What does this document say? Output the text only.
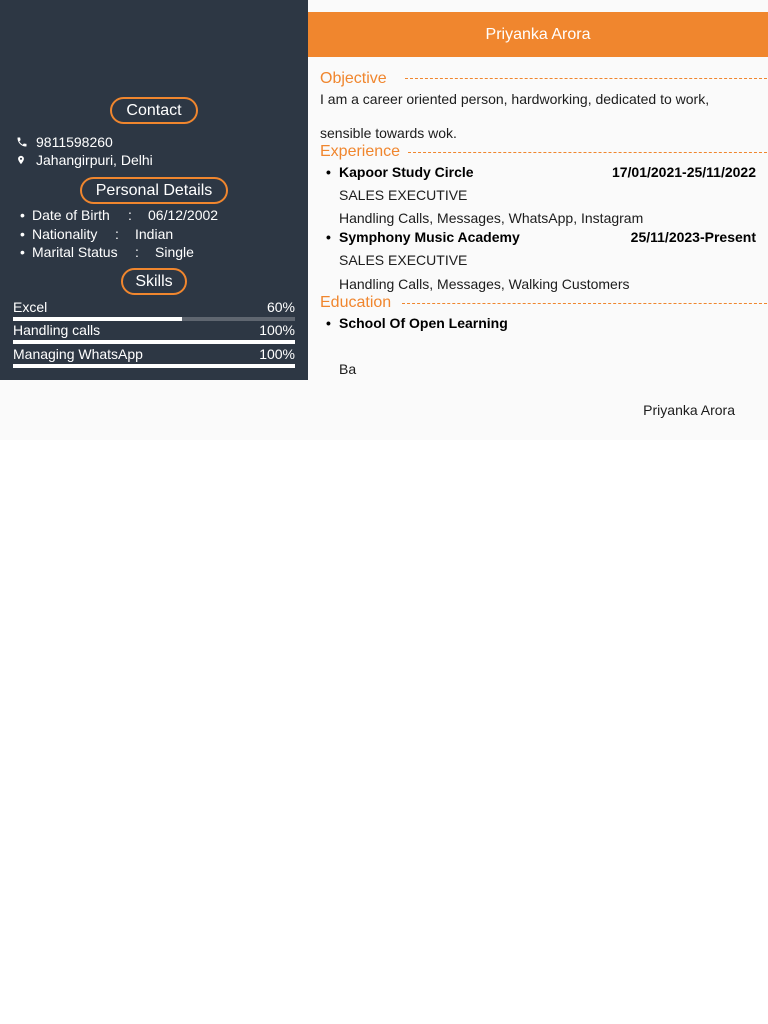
Contact
9811598260
Jahangirpuri, Delhi
Personal Details
• Date of Birth	:	06/12/2002
• Nationality	:	Indian
• Marital Status	:	Single
Skills
Excel	60%
Handling calls	100%
Managing WhatsApp	100%
Priyanka Arora
Objective
I am a career oriented person, hardworking, dedicated to work,
sensible towards wok.
Experience
• Kapoor Study Circle	17/01/2021-25/11/2022
SALES EXECUTIVE
Handling Calls, Messages, WhatsApp, Instagram
• Symphony Music Academy	25/11/2023-Present
SALES EXECUTIVE
Handling Calls, Messages, Walking Customers
Education
• School Of Open Learning
Ba
Priyanka Arora
